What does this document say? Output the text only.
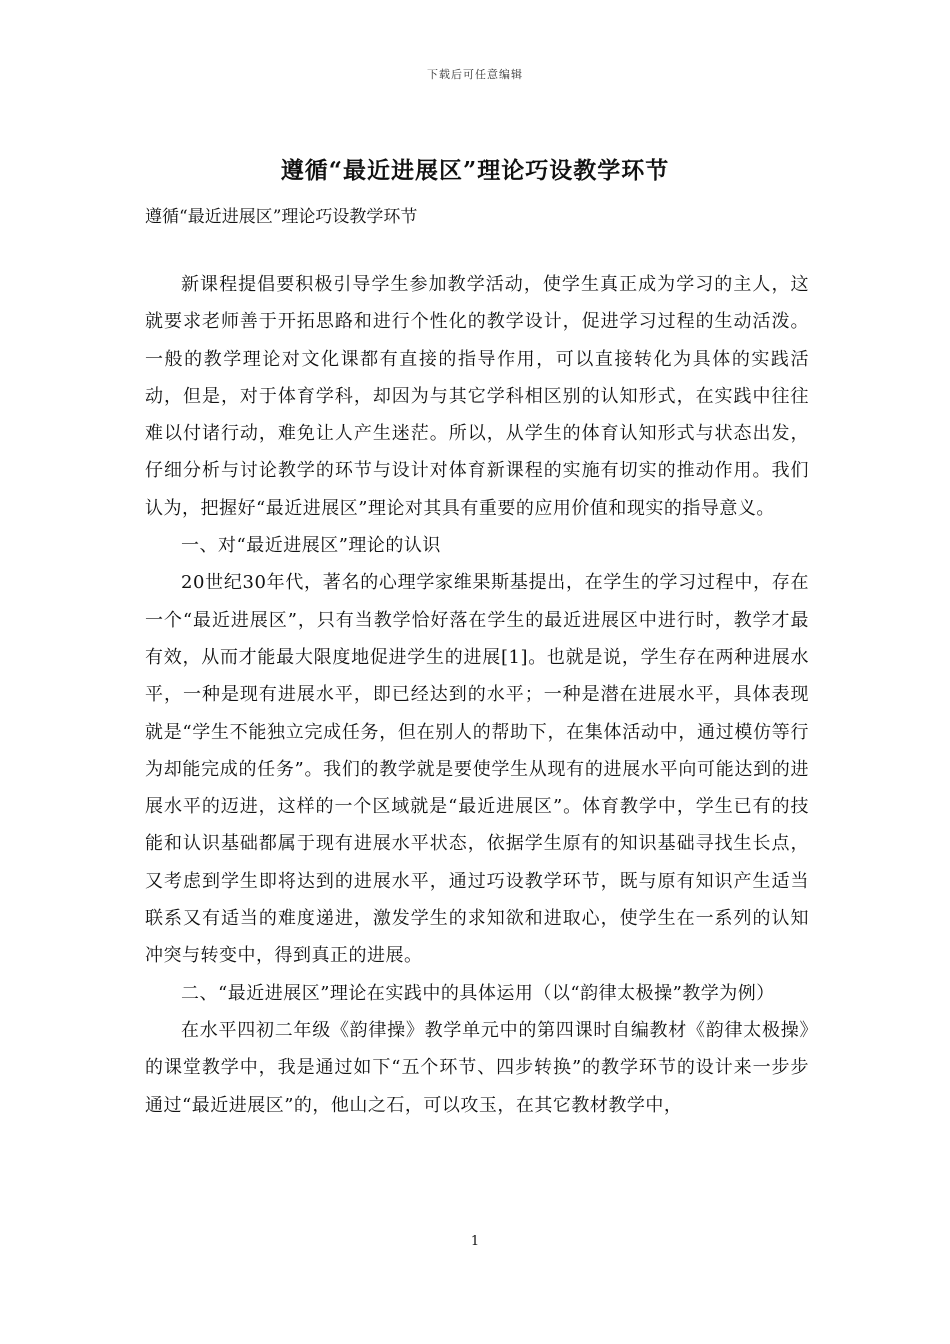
下载后可任意编辑
遵循“最近进展区”理论巧设教学环节
遵循“最近进展区”理论巧设教学环节

新课程提倡要积极引导学生参加教学活动，使学生真正成为学习的主人，这就要求老师善于开拓思路和进行个性化的教学设计，促进学习过程的生动活泼。一般的教学理论对文化课都有直接的指导作用，可以直接转化为具体的实践活动，但是，对于体育学科，却因为与其它学科相区别的认知形式，在实践中往往难以付诸行动，难免让人产生迷茫。所以，从学生的体育认知形式与状态出发，仔细分析与讨论教学的环节与设计对体育新课程的实施有切实的推动作用。我们认为，把握好“最近进展区”理论对其具有重要的应用价值和现实的指导意义。

一、对“最近进展区”理论的认识

20世纪30年代，著名的心理学家维果斯基提出，在学生的学习过程中，存在一个“最近进展区”，只有当教学恰好落在学生的最近进展区中进行时，教学才最有效，从而才能最大限度地促进学生的进展[1]。也就是说，学生存在两种进展水平，一种是现有进展水平，即已经达到的水平；一种是潜在进展水平，具体表现就是“学生不能独立完成任务，但在别人的帮助下，在集体活动中，通过模仿等行为却能完成的任务”。我们的教学就是要使学生从现有的进展水平向可能达到的进展水平的迈进，这样的一个区域就是“最近进展区”。体育教学中，学生已有的技能和认识基础都属于现有进展水平状态，依据学生原有的知识基础寻找生长点，又考虑到学生即将达到的进展水平，通过巧设教学环节，既与原有知识产生适当联系又有适当的难度递进，激发学生的求知欲和进取心，使学生在一系列的认知冲突与转变中，得到真正的进展。

二、“最近进展区”理论在实践中的具体运用（以“韵律太极操”教学为例）

在水平四初二年级《韵律操》教学单元中的第四课时自编教材《韵律太极操》的课堂教学中，我是通过如下“五个环节、四步转换”的教学环节的设计来一步步通过“最近进展区”的，他山之石，可以攻玉，在其它教材教学中，

1
